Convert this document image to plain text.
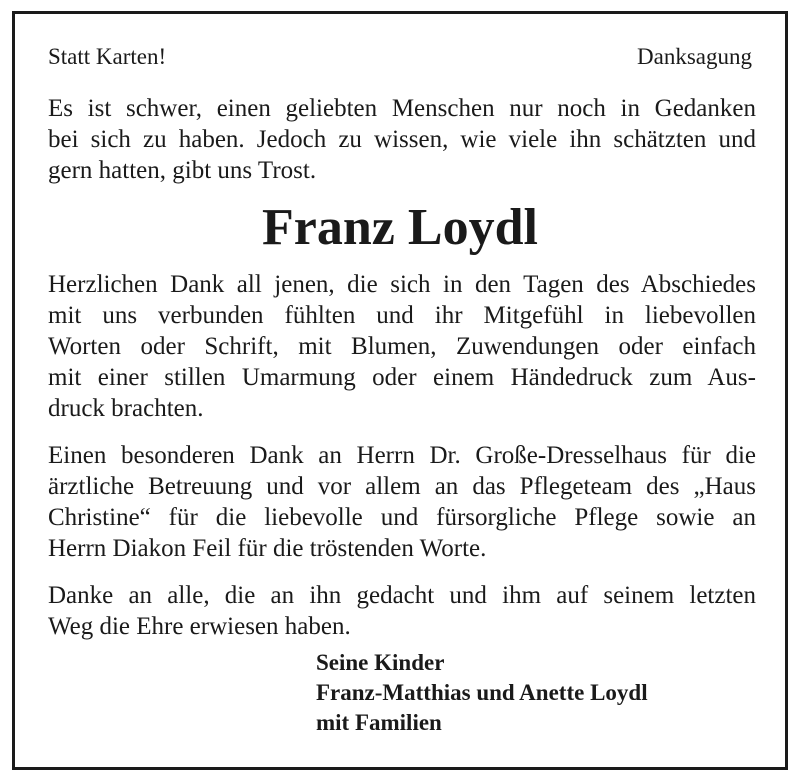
Statt Karten!	Danksagung

Es ist schwer, einen geliebten Menschen nur noch in Gedanken
bei sich zu haben. Jedoch zu wissen, wie viele ihn schätzten und
gern hatten, gibt uns Trost.

Franz Loydl

Herzlichen Dank all jenen, die sich in den Tagen des Abschiedes
mit uns verbunden fühlten und ihr Mitgefühl in liebevollen
Worten oder Schrift, mit Blumen, Zuwendungen oder einfach
mit einer stillen Umarmung oder einem Händedruck zum Aus-
druck brachten.

Einen besonderen Dank an Herrn Dr. Große-Dresselhaus für die
ärztliche Betreuung und vor allem an das Pflegeteam des „Haus
Christine“ für die liebevolle und fürsorgliche Pflege sowie an
Herrn Diakon Feil für die tröstenden Worte.

Danke an alle, die an ihn gedacht und ihm auf seinem letzten
Weg die Ehre erwiesen haben.

Seine Kinder
Franz-Matthias und Anette Loydl
mit Familien
